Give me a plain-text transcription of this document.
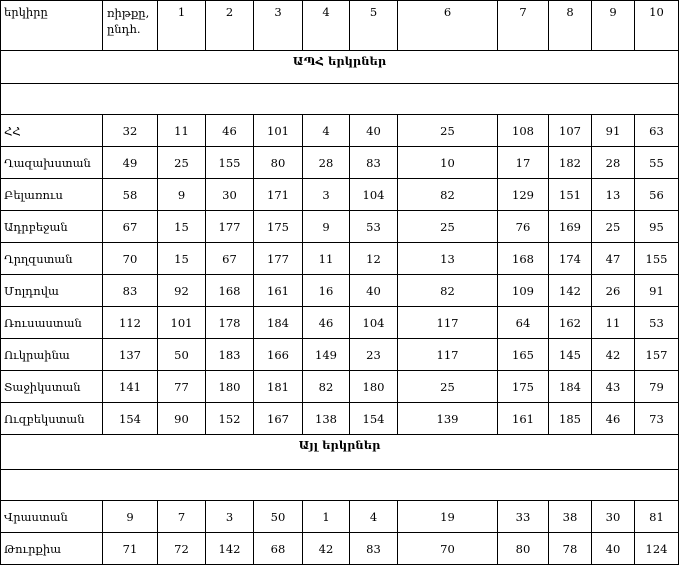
երկիրը	ռիթքը, ընդհ.	1	2	3	4	5	6	7	8	9	10
ԱՊՀ երկրներ											

ՀՀ	32	11	46	101	4	40	25	108	107	91	63
Ղազախստան	49	25	155	80	28	83	10	17	182	28	55
Բելառուս	58	9	30	171	3	104	82	129	151	13	56
Ադրբեջան	67	15	177	175	9	53	25	76	169	25	95
Ղրղզստան	70	15	67	177	11	12	13	168	174	47	155
Մոլդովա	83	92	168	161	16	40	82	109	142	26	91
Ռուսաստան	112	101	178	184	46	104	117	64	162	11	53
Ուկրաինա	137	50	183	166	149	23	117	165	145	42	157
Տաջիկստան	141	77	180	181	82	180	25	175	184	43	79
Ուզբեկստան	154	90	152	167	138	154	139	161	185	46	73
Այլ երկրներ											

Վրաստան	9	7	3	50	1	4	19	33	38	30	81
Թուրքիա	71	72	142	68	42	83	70	80	78	40	124
